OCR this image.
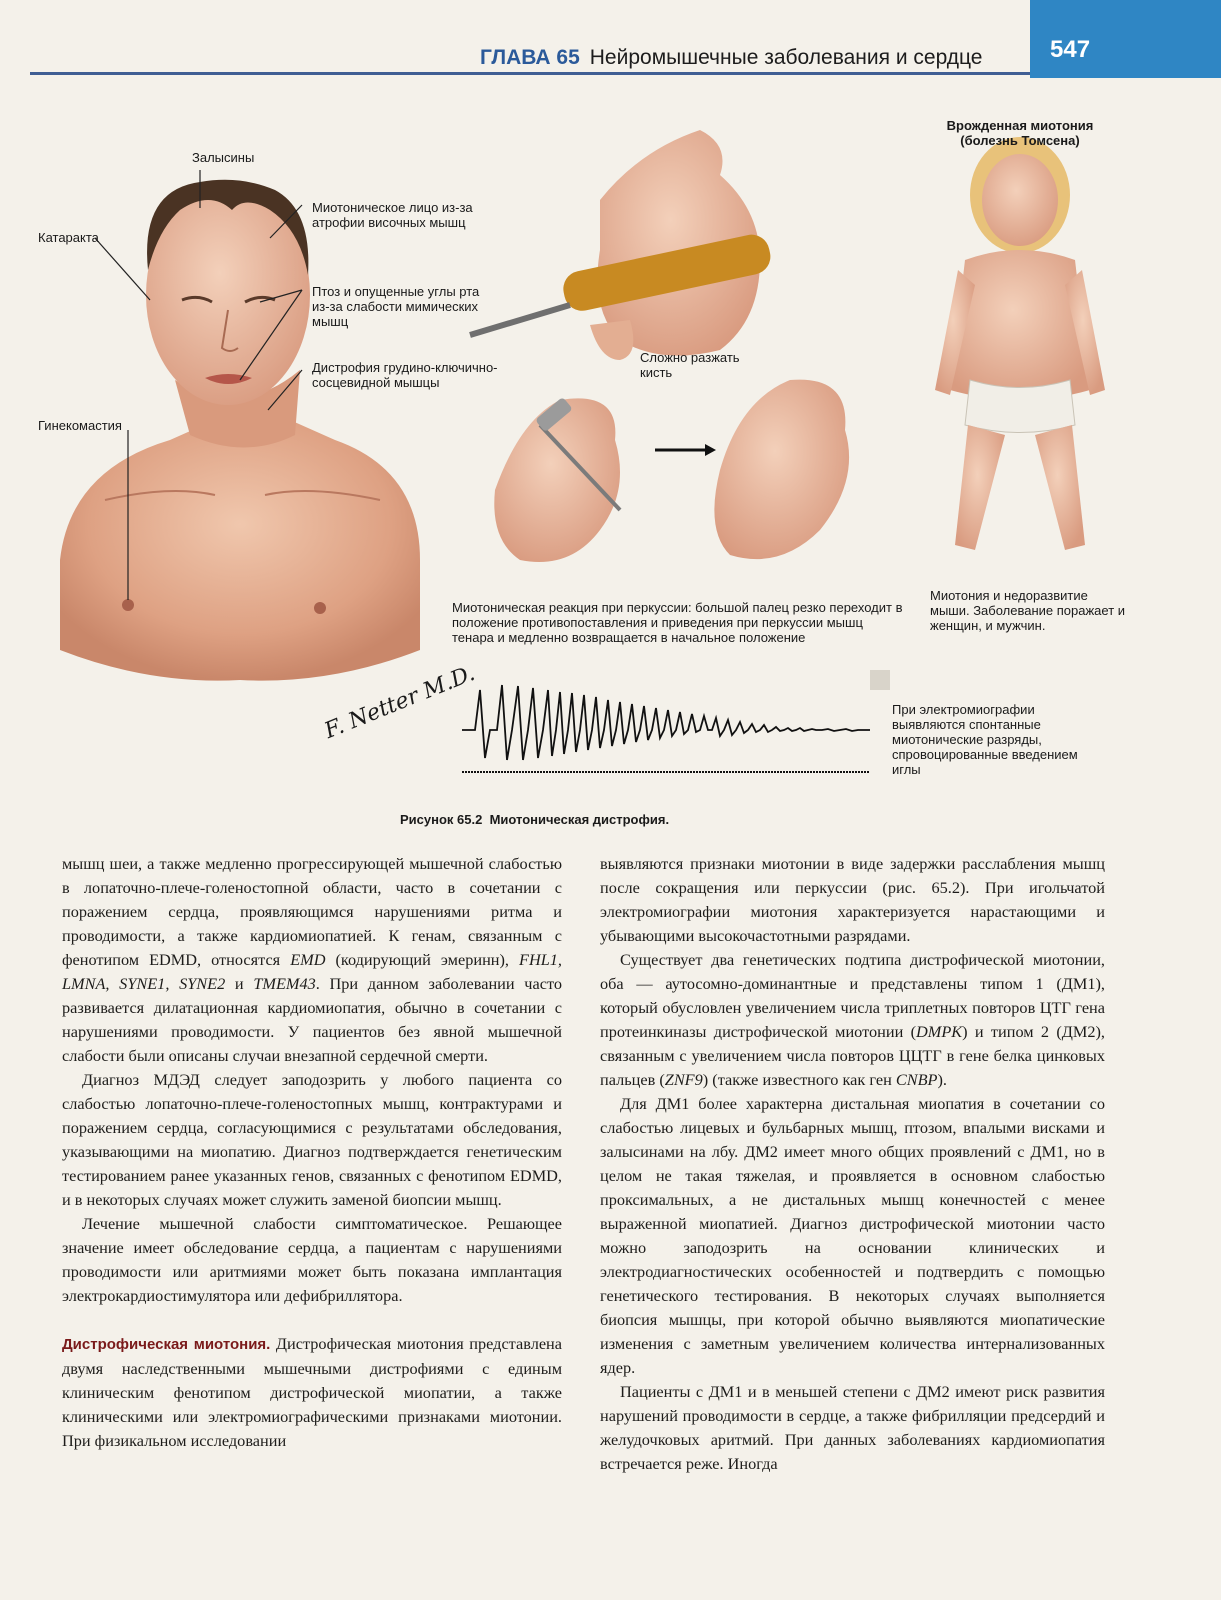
547
ГЛАВА 65 Нейромышечные заболевания и сердце
Залысины
Катаракта
Миотоническое лицо из-за атрофии височных мышц
Птоз и опущенные углы рта из-за слабости мимических мышц
Дистрофия грудино-ключично-сосцевидной мышцы
Гинекомастия
Сложно разжать кисть
Миотоническая реакция при перкуссии: большой палец резко переходит в положение противопоставления и приведения при перкуссии мышц тенара и медленно возвращается в начальное положение
Врожденная миотония (болезнь Томсена)
Миотония и недоразвитие мыши. Заболевание поражает и женщин, и мужчин.
При электромиографии выявляются спонтанные миотонические разряды, спровоцированные введением иглы
F. Netter M.D.
Рисунок 65.2 Миотоническая дистрофия.

мышц шеи, а также медленно прогрессирующей мышечной слабостью в лопаточно-плече-голеностопной области, часто в сочетании с поражением сердца, проявляющимся нарушениями ритма и проводимости, а также кардиомиопатией. К генам, связанным с фенотипом EDMD, относятся EMD (кодирующий эмеринн), FHL1, LMNA, SYNE1, SYNE2 и TMEM43. При данном заболевании часто развивается дилатационная кардиомиопатия, обычно в сочетании с нарушениями проводимости. У пациентов без явной мышечной слабости были описаны случаи внезапной сердечной смерти.

Диагноз МДЭД следует заподозрить у любого пациента со слабостью лопаточно-плече-голеностопных мышц, контрактурами и поражением сердца, согласующимися с результатами обследования, указывающими на миопатию. Диагноз подтверждается генетическим тестированием ранее указанных генов, связанных с фенотипом EDMD, и в некоторых случаях может служить заменой биопсии мышц.

Лечение мышечной слабости симптоматическое. Решающее значение имеет обследование сердца, а пациентам с нарушениями проводимости или аритмиями может быть показана имплантация электрокардиостимулятора или дефибриллятора.

Дистрофическая миотония. Дистрофическая миотония представлена двумя наследственными мышечными дистрофиями с единым клиническим фенотипом дистрофической миопатии, а также клиническими или электромиографическими признаками миотонии. При физикальном исследовании

выявляются признаки миотонии в виде задержки расслабления мышц после сокращения или перкуссии (рис. 65.2). При игольчатой электромиографии миотония характеризуется нарастающими и убывающими высокочастотными разрядами.

Существует два генетических подтипа дистрофической миотонии, оба — аутосомно-доминантные и представлены типом 1 (ДМ1), который обусловлен увеличением числа триплетных повторов ЦТГ гена протеинкиназы дистрофической миотонии (DMPK) и типом 2 (ДМ2), связанным с увеличением числа повторов ЦЦТГ в гене белка цинковых пальцев (ZNF9) (также известного как ген CNBP).

Для ДМ1 более характерна дистальная миопатия в сочетании со слабостью лицевых и бульбарных мышц, птозом, впалыми висками и залысинами на лбу. ДМ2 имеет много общих проявлений с ДМ1, но в целом не такая тяжелая, и проявляется в основном слабостью проксимальных, а не дистальных мышц конечностей с менее выраженной миопатией. Диагноз дистрофической миотонии часто можно заподозрить на основании клинических и электродиагностических особенностей и подтвердить с помощью генетического тестирования. В некоторых случаях выполняется биопсия мышцы, при которой обычно выявляются миопатические изменения с заметным увеличением количества интернализованных ядер.

Пациенты с ДМ1 и в меньшей степени с ДМ2 имеют риск развития нарушений проводимости в сердце, а также фибрилляции предсердий и желудочковых аритмий. При данных заболеваниях кардиомиопатия встречается реже. Иногда
